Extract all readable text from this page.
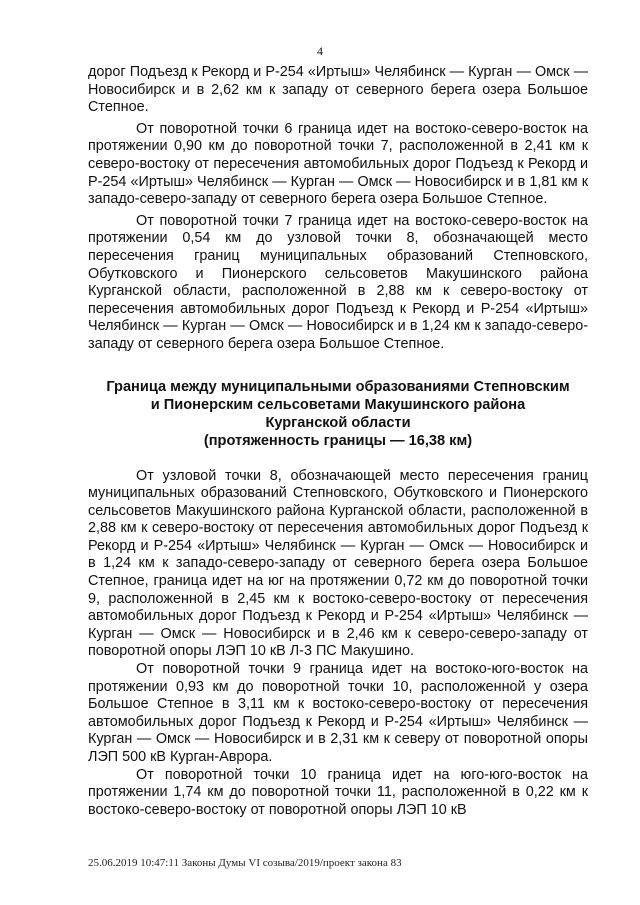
4

дорог Подъезд к Рекорд и Р-254 «Иртыш» Челябинск — Курган — Омск — Новосибирск и в 2,62 км к западу от северного берега озера Большое Степное.

От поворотной точки 6 граница идет на востоко-северо-восток на протяжении 0,90 км до поворотной точки 7, расположенной в 2,41 км к северо-востоку от пересечения автомобильных дорог Подъезд к Рекорд и Р-254 «Иртыш» Челябинск — Курган — Омск — Новосибирск и в 1,81 км к западо-северо-западу от северного берега озера Большое Степное.

От поворотной точки 7 граница идет на востоко-северо-восток на протяжении 0,54 км до узловой точки 8, обозначающей место пересечения границ муниципальных образований Степновского, Обутковского и Пионерского сельсоветов Макушинского района Курганской области, расположенной в 2,88 км к северо-востоку от пересечения автомобильных дорог Подъезд к Рекорд и Р-254 «Иртыш» Челябинск — Курган — Омск — Новосибирск и в 1,24 км к западо-северо-западу от северного берега озера Большое Степное.

Граница между муниципальными образованиями Степновским
и Пионерским сельсоветами Макушинского района
Курганской области
(протяженность границы — 16,38 км)

От узловой точки 8, обозначающей место пересечения границ муниципальных образований Степновского, Обутковского и Пионерского сельсоветов Макушинского района Курганской области, расположенной в 2,88 км к северо-востоку от пересечения автомобильных дорог Подъезд к Рекорд и Р-254 «Иртыш» Челябинск — Курган — Омск — Новосибирск и в 1,24 км к западо-северо-западу от северного берега озера Большое Степное, граница идет на юг на протяжении 0,72 км до поворотной точки 9, расположенной в 2,45 км к востоко-северо-востоку от пересечения автомобильных дорог Подъезд к Рекорд и Р-254 «Иртыш» Челябинск — Курган — Омск — Новосибирск и в 2,46 км к северо-северо-западу от поворотной опоры ЛЭП 10 кВ Л-3 ПС Макушино.

От поворотной точки 9 граница идет на востоко-юго-восток на протяжении 0,93 км до поворотной точки 10, расположенной у озера Большое Степное в 3,11 км к востоко-северо-востоку от пересечения автомобильных дорог Подъезд к Рекорд и Р-254 «Иртыш» Челябинск — Курган — Омск — Новосибирск и в 2,31 км к северу от поворотной опоры ЛЭП 500 кВ Курган-Аврора.

От поворотной точки 10 граница идет на юго-юго-восток на протяжении 1,74 км до поворотной точки 11, расположенной в 0,22 км к востоко-северо-востоку от поворотной опоры ЛЭП 10 кВ

25.06.2019 10:47:11 Законы Думы VI созыва/2019/проект закона 83
